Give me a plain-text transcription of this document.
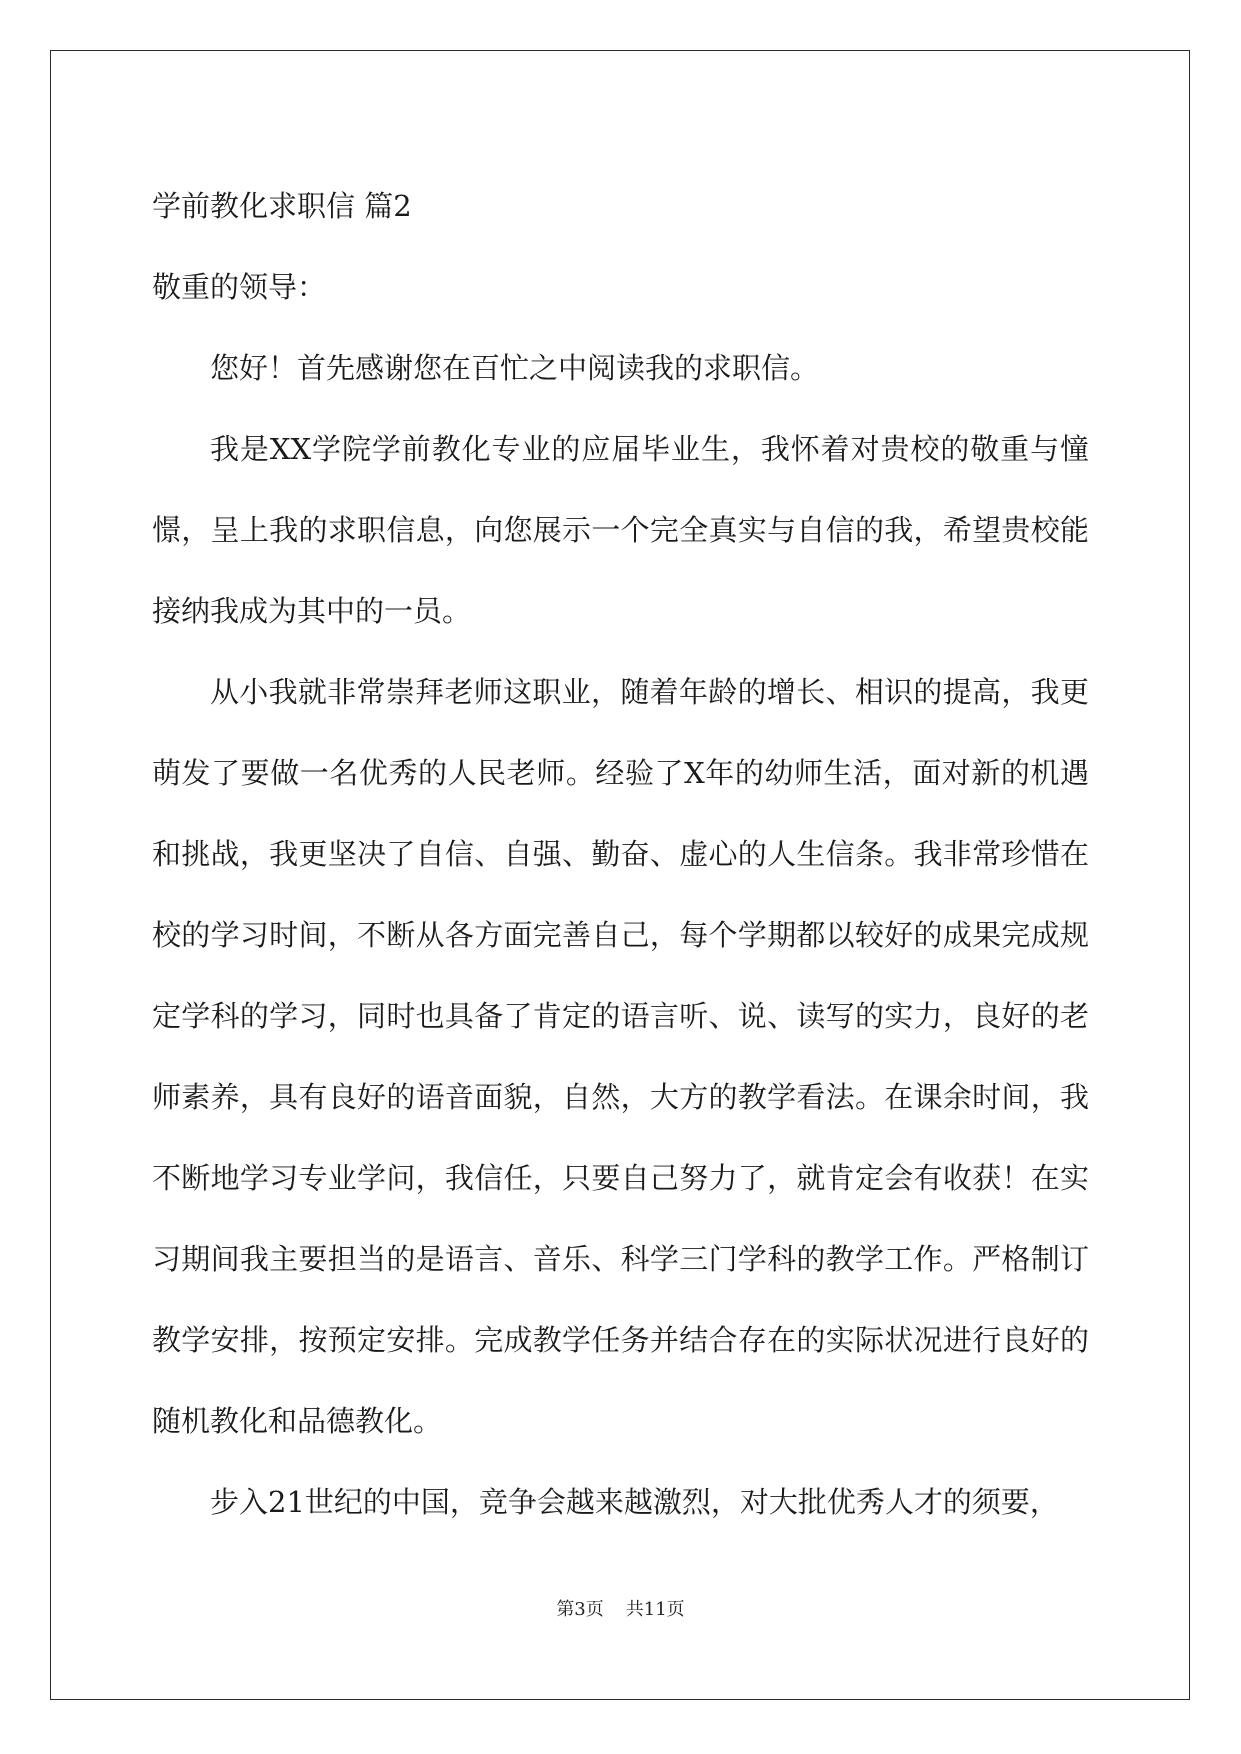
学前教化求职信 篇2

敬重的领导：

您好！首先感谢您在百忙之中阅读我的求职信。

我是XX学院学前教化专业的应届毕业生，我怀着对贵校的敬重与憧憬，呈上我的求职信息，向您展示一个完全真实与自信的我，希望贵校能接纳我成为其中的一员。

从小我就非常崇拜老师这职业，随着年龄的增长、相识的提高，我更萌发了要做一名优秀的人民老师。经验了X年的幼师生活，面对新的机遇和挑战，我更坚决了自信、自强、勤奋、虚心的人生信条。我非常珍惜在校的学习时间，不断从各方面完善自己，每个学期都以较好的成果完成规定学科的学习，同时也具备了肯定的语言听、说、读写的实力，良好的老师素养，具有良好的语音面貌，自然，大方的教学看法。在课余时间，我不断地学习专业学问，我信任，只要自己努力了，就肯定会有收获！在实习期间我主要担当的是语言、音乐、科学三门学科的教学工作。严格制订教学安排，按预定安排。完成教学任务并结合存在的实际状况进行良好的随机教化和品德教化。

步入21世纪的中国，竞争会越来越激烈，对大批优秀人才的须要，

第3页 共11页
